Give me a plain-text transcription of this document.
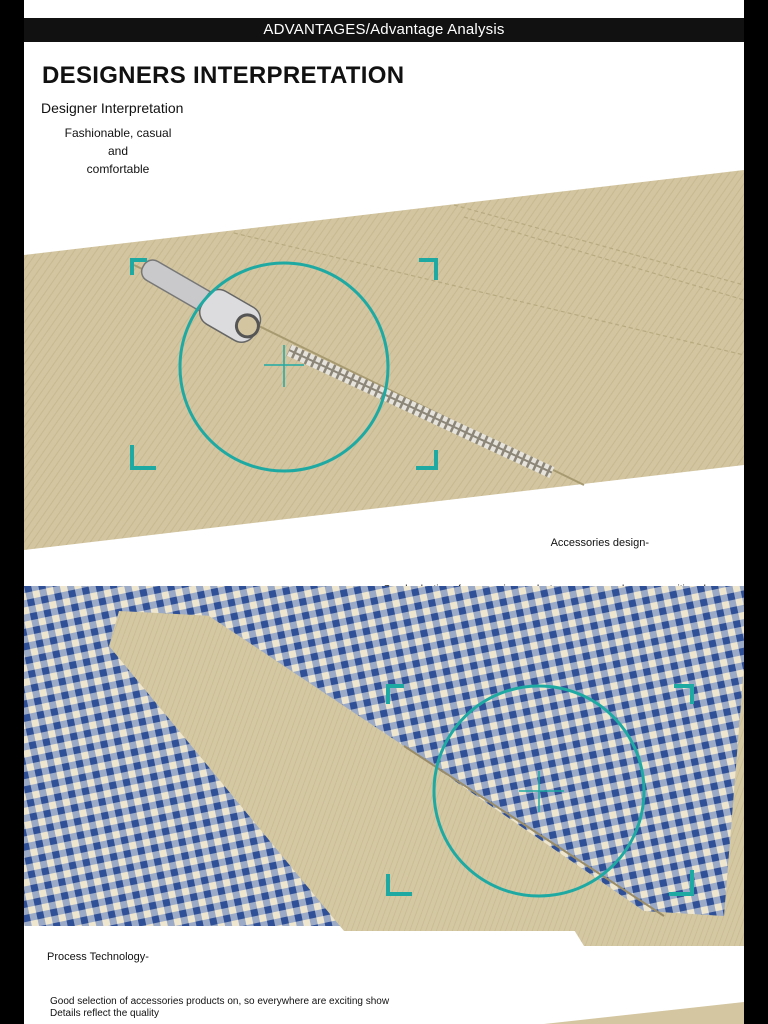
ADVANTAGES/Advantage Analysis
DESIGNERS INTERPRETATION
Designer Interpretation
Fashionable, casual and
comfortable
Accessories design-
Process Technology-
Good selection of accessories products on, so everywhere are exciting show
Details reflect the quality
